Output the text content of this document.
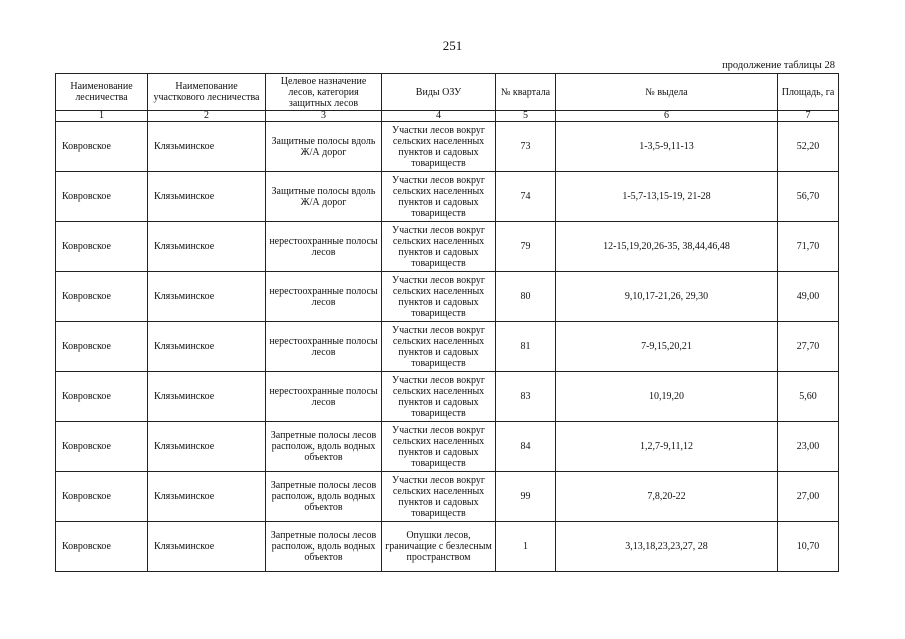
251
продолжение таблицы 28
Наименование лесничества	Наимепование участкового лесничества	Целевое назначение лесов, категория защитных лесов	Виды ОЗУ	№ квартала	№ выдела	Площадь, га
1	2	3	4	5	6	7
Ковровское	Клязьминское	Защитные полосы вдоль Ж/А дорог	Участки лесов вокруг сельских населенных пунктов и садовых товариществ	73	1-3,5-9,11-13	52,20
Ковровское	Клязьминское	Защитные полосы вдоль Ж/А дорог	Участки лесов вокруг сельских населенных пунктов и садовых товариществ	74	1-5,7-13,15-19, 21-28	56,70
Ковровское	Клязьминское	нерестоохранные полосы лесов	Участки лесов вокруг сельских населенных пунктов и садовых товариществ	79	12-15,19,20,26-35, 38,44,46,48	71,70
Ковровское	Клязьминское	нерестоохранные полосы лесов	Участки лесов вокруг сельских населенных пунктов и садовых товариществ	80	9,10,17-21,26, 29,30	49,00
Ковровское	Клязьминское	нерестоохранные полосы лесов	Участки лесов вокруг сельских населенных пунктов и садовых товариществ	81	7-9,15,20,21	27,70
Ковровское	Клязьминское	нерестоохранные полосы лесов	Участки лесов вокруг сельских населенных пунктов и садовых товариществ	83	10,19,20	5,60
Ковровское	Клязьминское	Запретные полосы лесов располож, вдоль водных объектов	Участки лесов вокруг сельских населенных пунктов и садовых товариществ	84	1,2,7-9,11,12	23,00
Ковровское	Клязьминское	Запретные полосы лесов располож, вдоль водных объектов	Участки лесов вокруг сельских населенных пунктов и садовых товариществ	99	7,8,20-22	27,00
Ковровское	Клязьминское	Запретные полосы лесов располож, вдоль водных объектов	Опушки лесов, граничащие с безлесным пространством	1	3,13,18,23,23,27, 28	10,70
